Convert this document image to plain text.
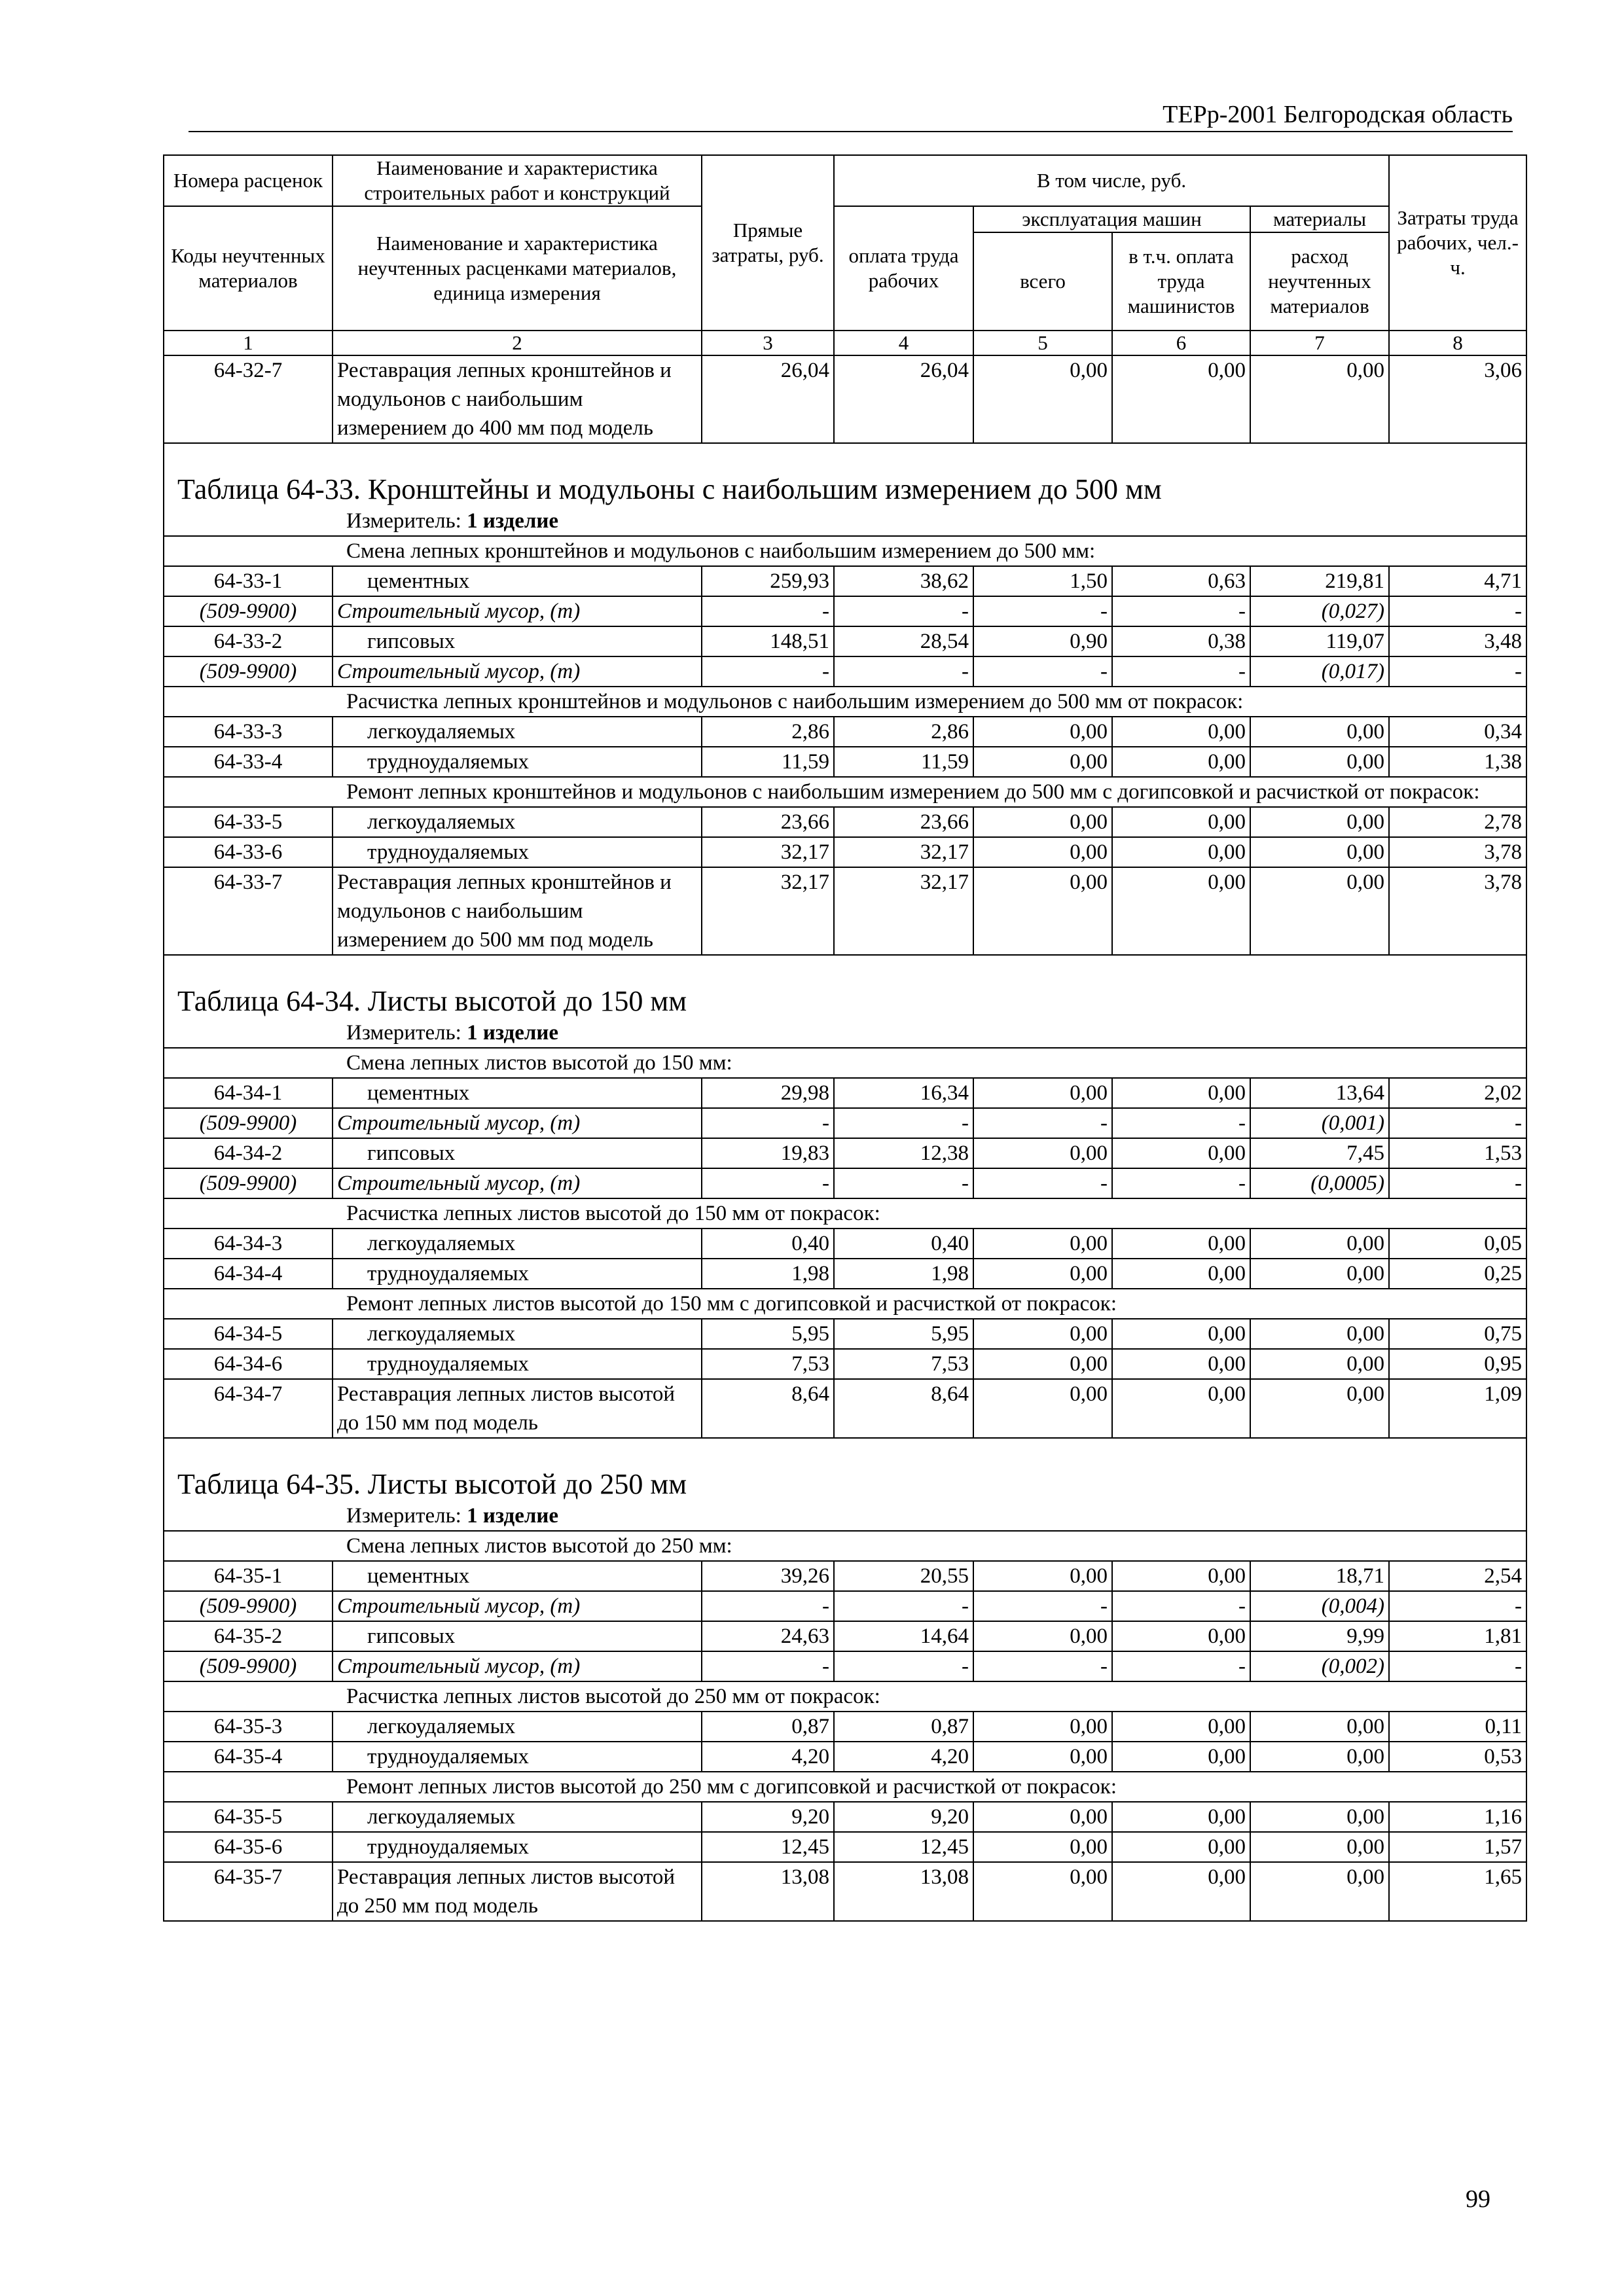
ТЕРр-2001 Белгородская область
Номера расценок	Наименование и характеристика строительных работ и конструкций	Прямые затраты, руб.	В том числе, руб.				Затраты труда рабочих, чел.-ч.
Коды неучтенных материалов	Наименование и характеристика неучтенных расценками материалов, единица измерения		оплата труда рабочих	эксплуатация машин		материалы	
				всего	в т.ч. оплата труда машинистов	расход неучтенных материалов	
1	2	3	4	5	6	7	8
64-32-7	Реставрация лепных кронштейнов и модульонов с наибольшим измерением до 400 мм под модель	26,04	26,04	0,00	0,00	0,00	3,06
Таблица 64-33. Кронштейны и модульоны с наибольшим измерением до 500 мм							
Измеритель: 1 изделие							
Смена лепных кронштейнов и модульонов с наибольшим измерением до 500 мм:							
64-33-1	цементных	259,93	38,62	1,50	0,63	219,81	4,71
(509-9900)	Строительный мусор, (т)	-	-	-	-	(0,027)	-
64-33-2	гипсовых	148,51	28,54	0,90	0,38	119,07	3,48
(509-9900)	Строительный мусор, (т)	-	-	-	-	(0,017)	-
Расчистка лепных кронштейнов и модульонов с наибольшим измерением до 500 мм от покрасок:							
64-33-3	легкоудаляемых	2,86	2,86	0,00	0,00	0,00	0,34
64-33-4	трудноудаляемых	11,59	11,59	0,00	0,00	0,00	1,38
Ремонт лепных кронштейнов и модульонов с наибольшим измерением до 500 мм с догипсовкой и расчисткой от покрасок:							
64-33-5	легкоудаляемых	23,66	23,66	0,00	0,00	0,00	2,78
64-33-6	трудноудаляемых	32,17	32,17	0,00	0,00	0,00	3,78
64-33-7	Реставрация лепных кронштейнов и модульонов с наибольшим измерением до 500 мм под модель	32,17	32,17	0,00	0,00	0,00	3,78
Таблица 64-34. Листы высотой до 150 мм							
Измеритель: 1 изделие							
Смена лепных листов высотой до 150 мм:							
64-34-1	цементных	29,98	16,34	0,00	0,00	13,64	2,02
(509-9900)	Строительный мусор, (т)	-	-	-	-	(0,001)	-
64-34-2	гипсовых	19,83	12,38	0,00	0,00	7,45	1,53
(509-9900)	Строительный мусор, (т)	-	-	-	-	(0,0005)	-
Расчистка лепных листов высотой до 150 мм от покрасок:							
64-34-3	легкоудаляемых	0,40	0,40	0,00	0,00	0,00	0,05
64-34-4	трудноудаляемых	1,98	1,98	0,00	0,00	0,00	0,25
Ремонт лепных листов высотой до 150 мм с догипсовкой и расчисткой от покрасок:							
64-34-5	легкоудаляемых	5,95	5,95	0,00	0,00	0,00	0,75
64-34-6	трудноудаляемых	7,53	7,53	0,00	0,00	0,00	0,95
64-34-7	Реставрация лепных листов высотой до 150 мм под модель	8,64	8,64	0,00	0,00	0,00	1,09
Таблица 64-35. Листы высотой до 250 мм							
Измеритель: 1 изделие							
Смена лепных листов высотой до 250 мм:							
64-35-1	цементных	39,26	20,55	0,00	0,00	18,71	2,54
(509-9900)	Строительный мусор, (т)	-	-	-	-	(0,004)	-
64-35-2	гипсовых	24,63	14,64	0,00	0,00	9,99	1,81
(509-9900)	Строительный мусор, (т)	-	-	-	-	(0,002)	-
Расчистка лепных листов высотой до 250 мм от покрасок:							
64-35-3	легкоудаляемых	0,87	0,87	0,00	0,00	0,00	0,11
64-35-4	трудноудаляемых	4,20	4,20	0,00	0,00	0,00	0,53
Ремонт лепных листов высотой до 250 мм с догипсовкой и расчисткой от покрасок:							
64-35-5	легкоудаляемых	9,20	9,20	0,00	0,00	0,00	1,16
64-35-6	трудноудаляемых	12,45	12,45	0,00	0,00	0,00	1,57
64-35-7	Реставрация лепных листов высотой до 250 мм под модель	13,08	13,08	0,00	0,00	0,00	1,65
99
